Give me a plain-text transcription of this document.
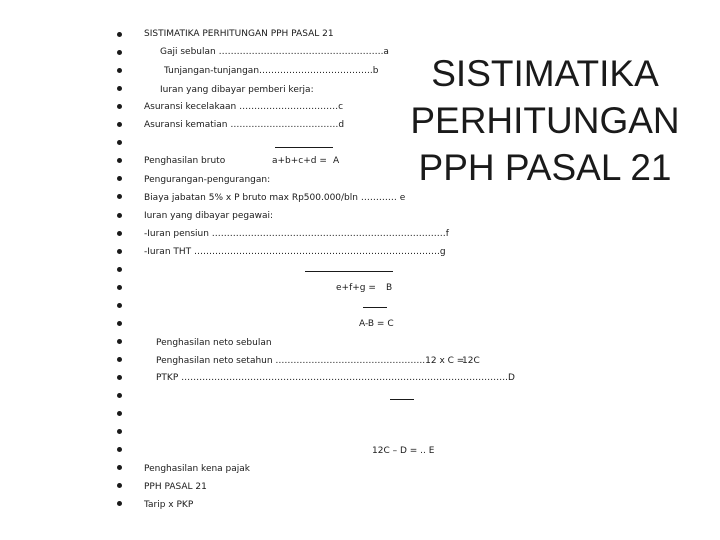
SISTIMATIKA
PERHITUNGAN
PPH PASAL 21
SISTIMATIKA PERHITUNGAN PPH PASAL 21
Gaji sebulan ……………………………………………….a
Tunjangan-tunjangan………………………………..b
Iuran yang dibayar pemberi kerja:
Asuransi kecelakaan ……………………………c
Asuransi kematian ………………………………d
Penghasilan bruto	a+b+c+d = A
Pengurangan-pengurangan:
Biaya jabatan 5% x P bruto max Rp500.000/bln ………… e
Iuran yang dibayar pegawai:
-Iuran pensiun ……………………………………………………………………f
-Iuran THT ……………………………………………………………………….g
e+f+g = B
A-B = C
Penghasilan neto sebulan
Penghasilan neto setahun …………………………………………..12 x C =
12C
PTKP ……………………………………………………………………………………………….D
12C – D = .. E
Penghasilan kena pajak
PPH PASAL 21
Tarip x PKP
